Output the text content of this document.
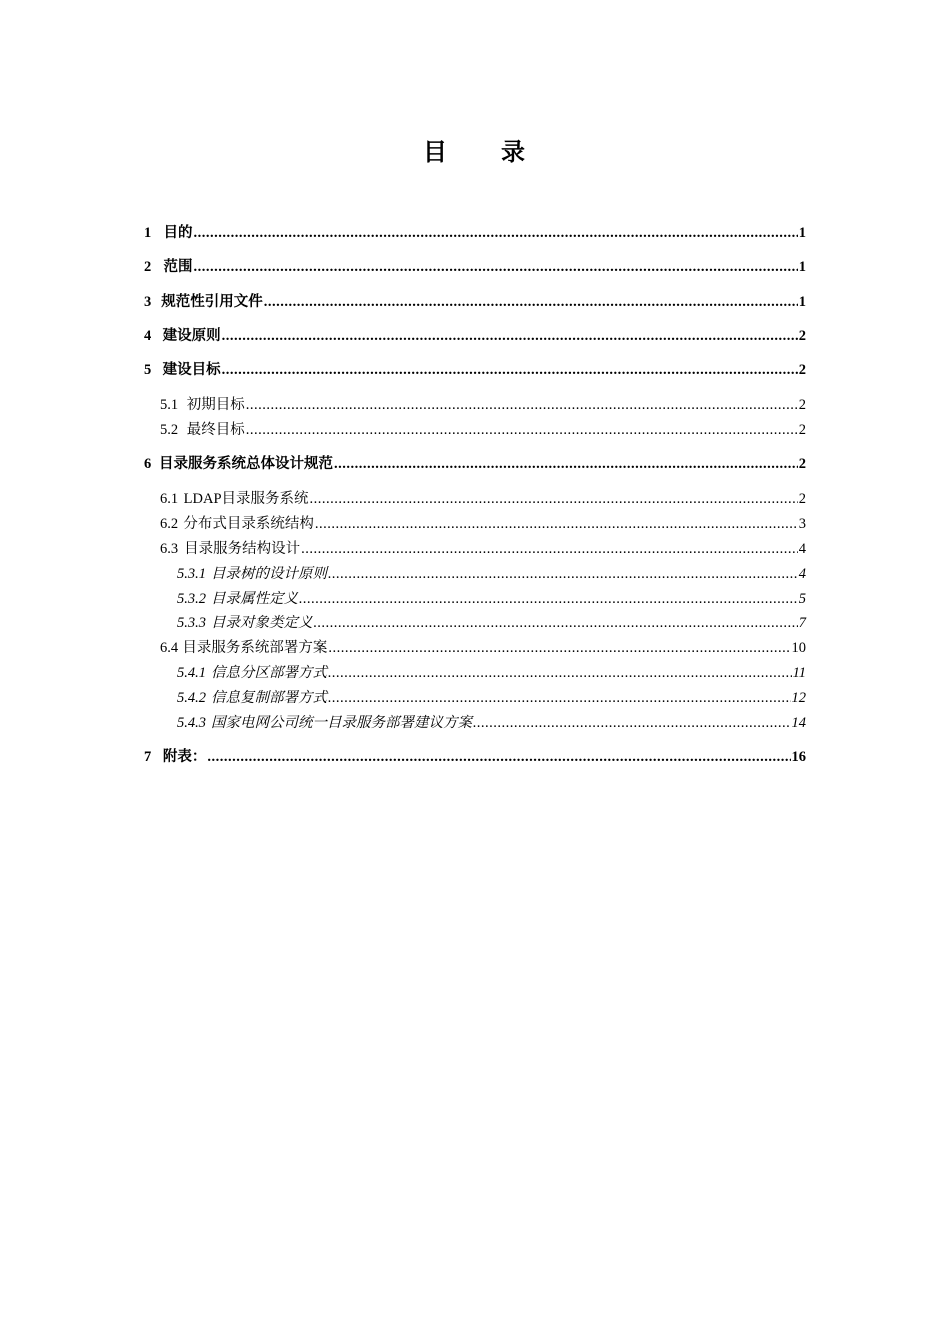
目　　录
1 目的 .....	1
2 范围 .....	1
3 规范性引用文件 .....	1
4 建设原则 .....	2
5 建设目标 .....	2
5.1 初期目标 .....	2
5.2 最终目标 .....	2
6 目录服务系统总体设计规范 .....	2
6.1 LDAP目录服务系统 .....	2
6.2 分布式目录系统结构 .....	3
6.3 目录服务结构设计 .....	4
5.3.1 目录树的设计原则 .....	4
5.3.2 目录属性定义 .....	5
5.3.3 目录对象类定义 .....	7
6.4 目录服务系统部署方案 .....	10
5.4.1 信息分区部署方式 .....	11
5.4.2 信息复制部署方式 .....	12
5.4.3 国家电网公司统一目录服务部署建议方案 .....	14
7 附表： .....	16
